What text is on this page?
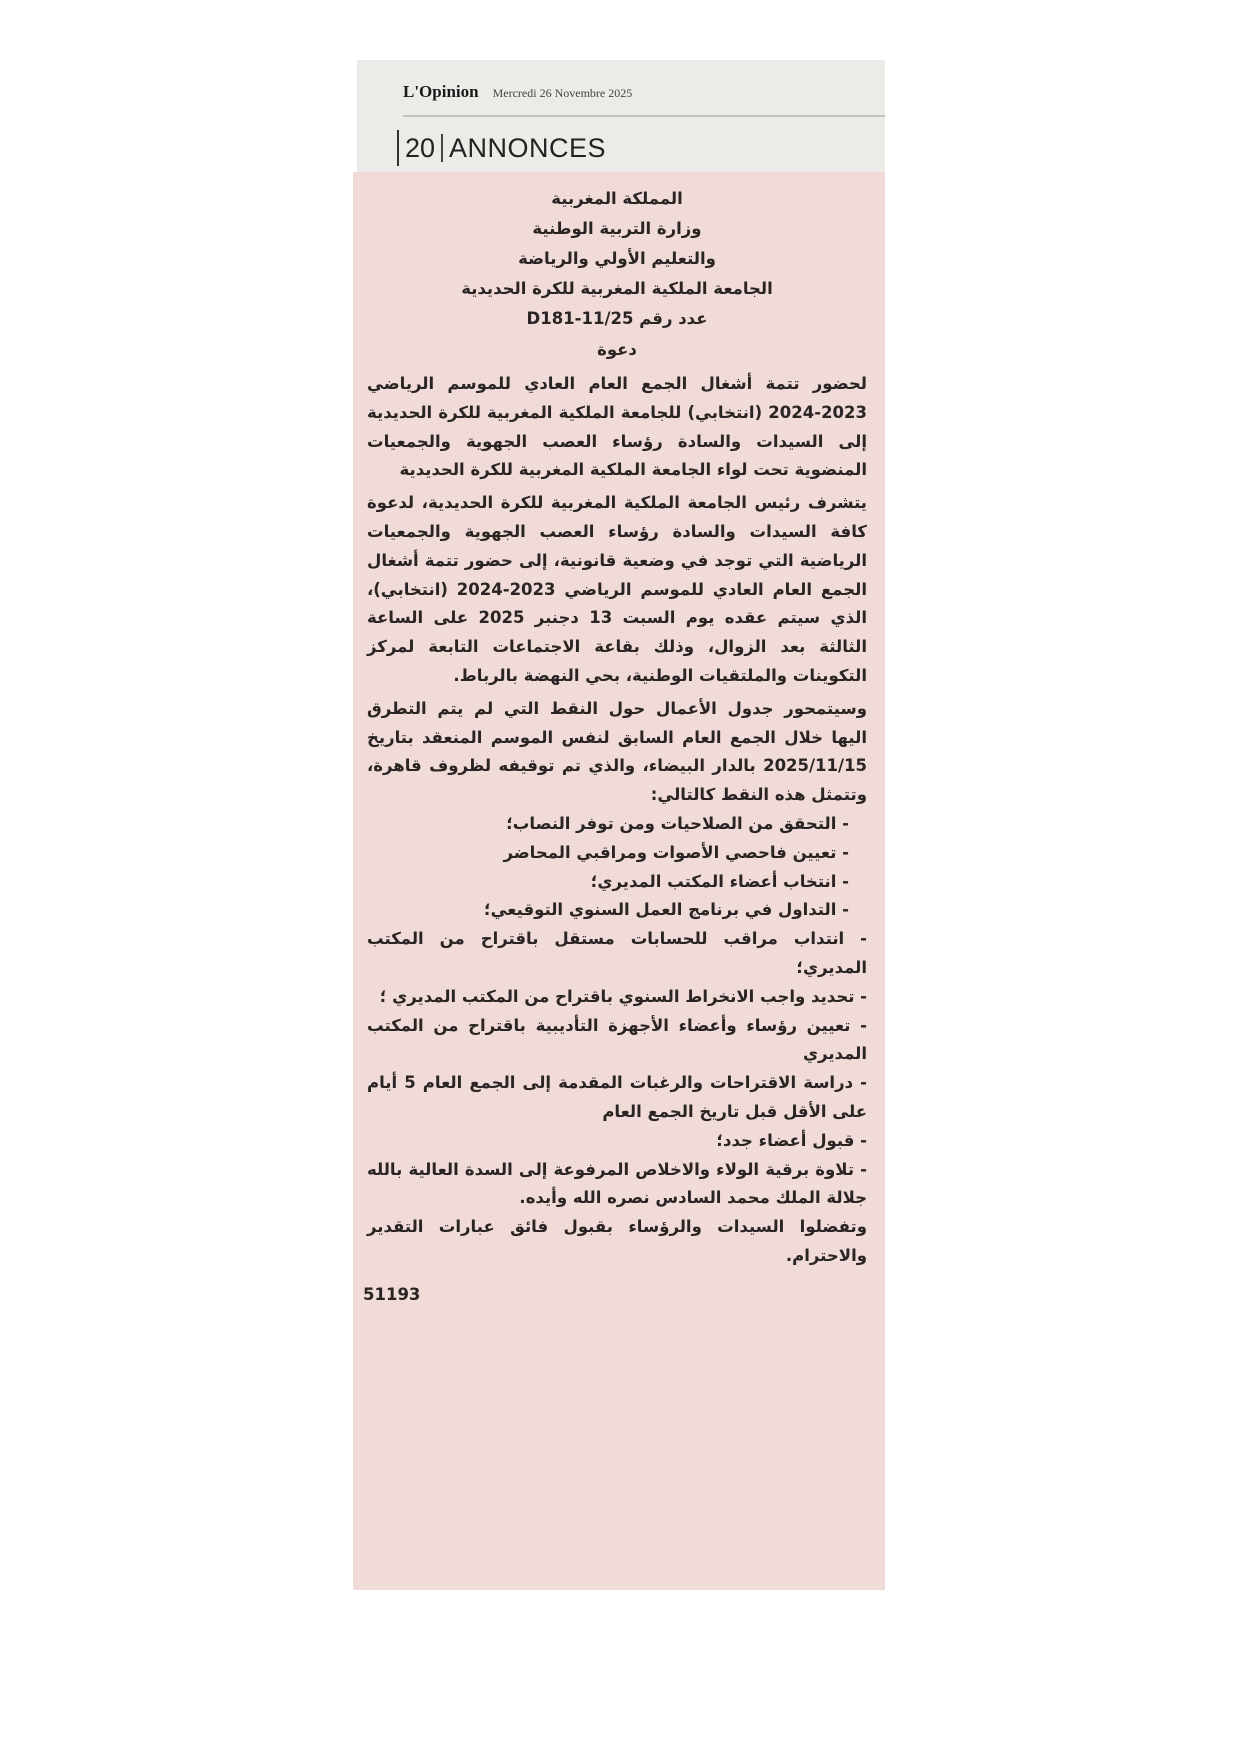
L'Opinion Mercredi 26 Novembre 2025
20 ANNONCES
المملكة المغربية
وزارة التربية الوطنية
والتعليم الأولي والرياضة
الجامعة الملكية المغربية للكرة الحديدية
عدد رقم D181-11/25
دعوة
لحضور تتمة أشغال الجمع العام العادي للموسم الرياضي 2023-2024 (انتخابي) للجامعة الملكية المغربية للكرة الحديدية إلى السيدات والسادة رؤساء العصب الجهوية والجمعيات المنضوية تحت لواء الجامعة الملكية المغربية للكرة الحديدية
يتشرف رئيس الجامعة الملكية المغربية للكرة الحديدية، لدعوة كافة السيدات والسادة رؤساء العصب الجهوية والجمعيات الرياضية التي توجد في وضعية قانونية، إلى حضور تتمة أشغال الجمع العام العادي للموسم الرياضي 2023-2024 (انتخابي)، الذي سيتم عقده يوم السبت 13 دجنبر 2025 على الساعة الثالثة بعد الزوال، وذلك بقاعة الاجتماعات التابعة لمركز التكوينات والملتقيات الوطنية، بحي النهضة بالرباط.
وسيتمحور جدول الأعمال حول النقط التي لم يتم التطرق اليها خلال الجمع العام السابق لنفس الموسم المنعقد بتاريخ 2025/11/15 بالدار البيضاء، والذي تم توقيفه لظروف قاهرة، وتتمثل هذه النقط كالتالي:
- التحقق من الصلاحيات ومن توفر النصاب؛
- تعيين فاحصي الأصوات ومراقبي المحاضر
- انتخاب أعضاء المكتب المديري؛
- التداول في برنامج العمل السنوي التوقيعي؛
- انتداب مراقب للحسابات مستقل باقتراح من المكتب المديري؛
- تحديد واجب الانخراط السنوي باقتراح من المكتب المديري ؛
- تعيين رؤساء وأعضاء الأجهزة التأديبية باقتراح من المكتب المديري
- دراسة الاقتراحات والرغبات المقدمة إلى الجمع العام 5 أيام على الأقل قبل تاريخ الجمع العام
- قبول أعضاء جدد؛
- تلاوة برقية الولاء والاخلاص المرفوعة إلى السدة العالية بالله جلالة الملك محمد السادس نصره الله وأيده.
وتفضلوا السيدات والرؤساء بقبول فائق عبارات التقدير والاحترام.
51193
